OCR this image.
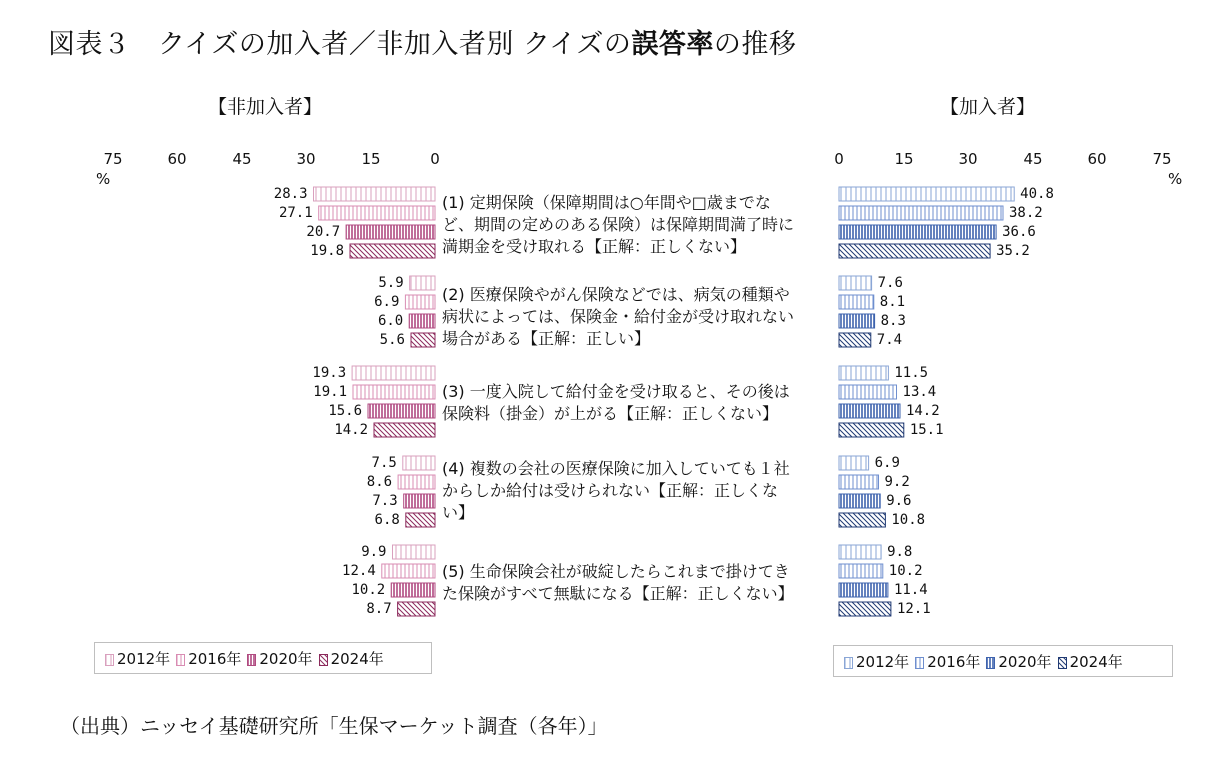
図表３　クイズの加入者／非加入者別 クイズの誤答率の推移
【非加入者】	【加入者】
75	60	45	30	15	0
%
0	15	30	45	60	75
%
(1) 定期保険（保障期間は○年間や□歳までな
ど、期間の定めのある保険）は保障期間満了時に
満期金を受け取れる【正解：正しくない】
(2) 医療保険やがん保険などでは、病気の種類や
病状によっては、保険金・給付金が受け取れない
場合がある【正解：正しい】
(3) 一度入院して給付金を受け取ると、その後は
保険料（掛金）が上がる【正解：正しくない】
(4) 複数の会社の医療保険に加入していても１社
からしか給付は受けられない【正解：正しくな
い】
(5) 生命保険会社が破綻したらこれまで掛けてき
た保険がすべて無駄になる【正解：正しくない】
28.3
27.1
20.7
19.8
5.9
6.9
6.0
5.6
19.3
19.1
15.6
14.2
7.5
8.6
7.3
6.8
9.9
12.4
10.2
8.7
40.8
38.2
36.6
35.2
7.6
8.1
8.3
7.4
11.5
13.4
14.2
15.1
6.9
9.2
9.6
10.8
9.8
10.2
11.4
12.1
2012年 2016年 2020年 2024年	2012年 2016年 2020年 2024年
（出典）ニッセイ基礎研究所「生保マーケット調査（各年）」
